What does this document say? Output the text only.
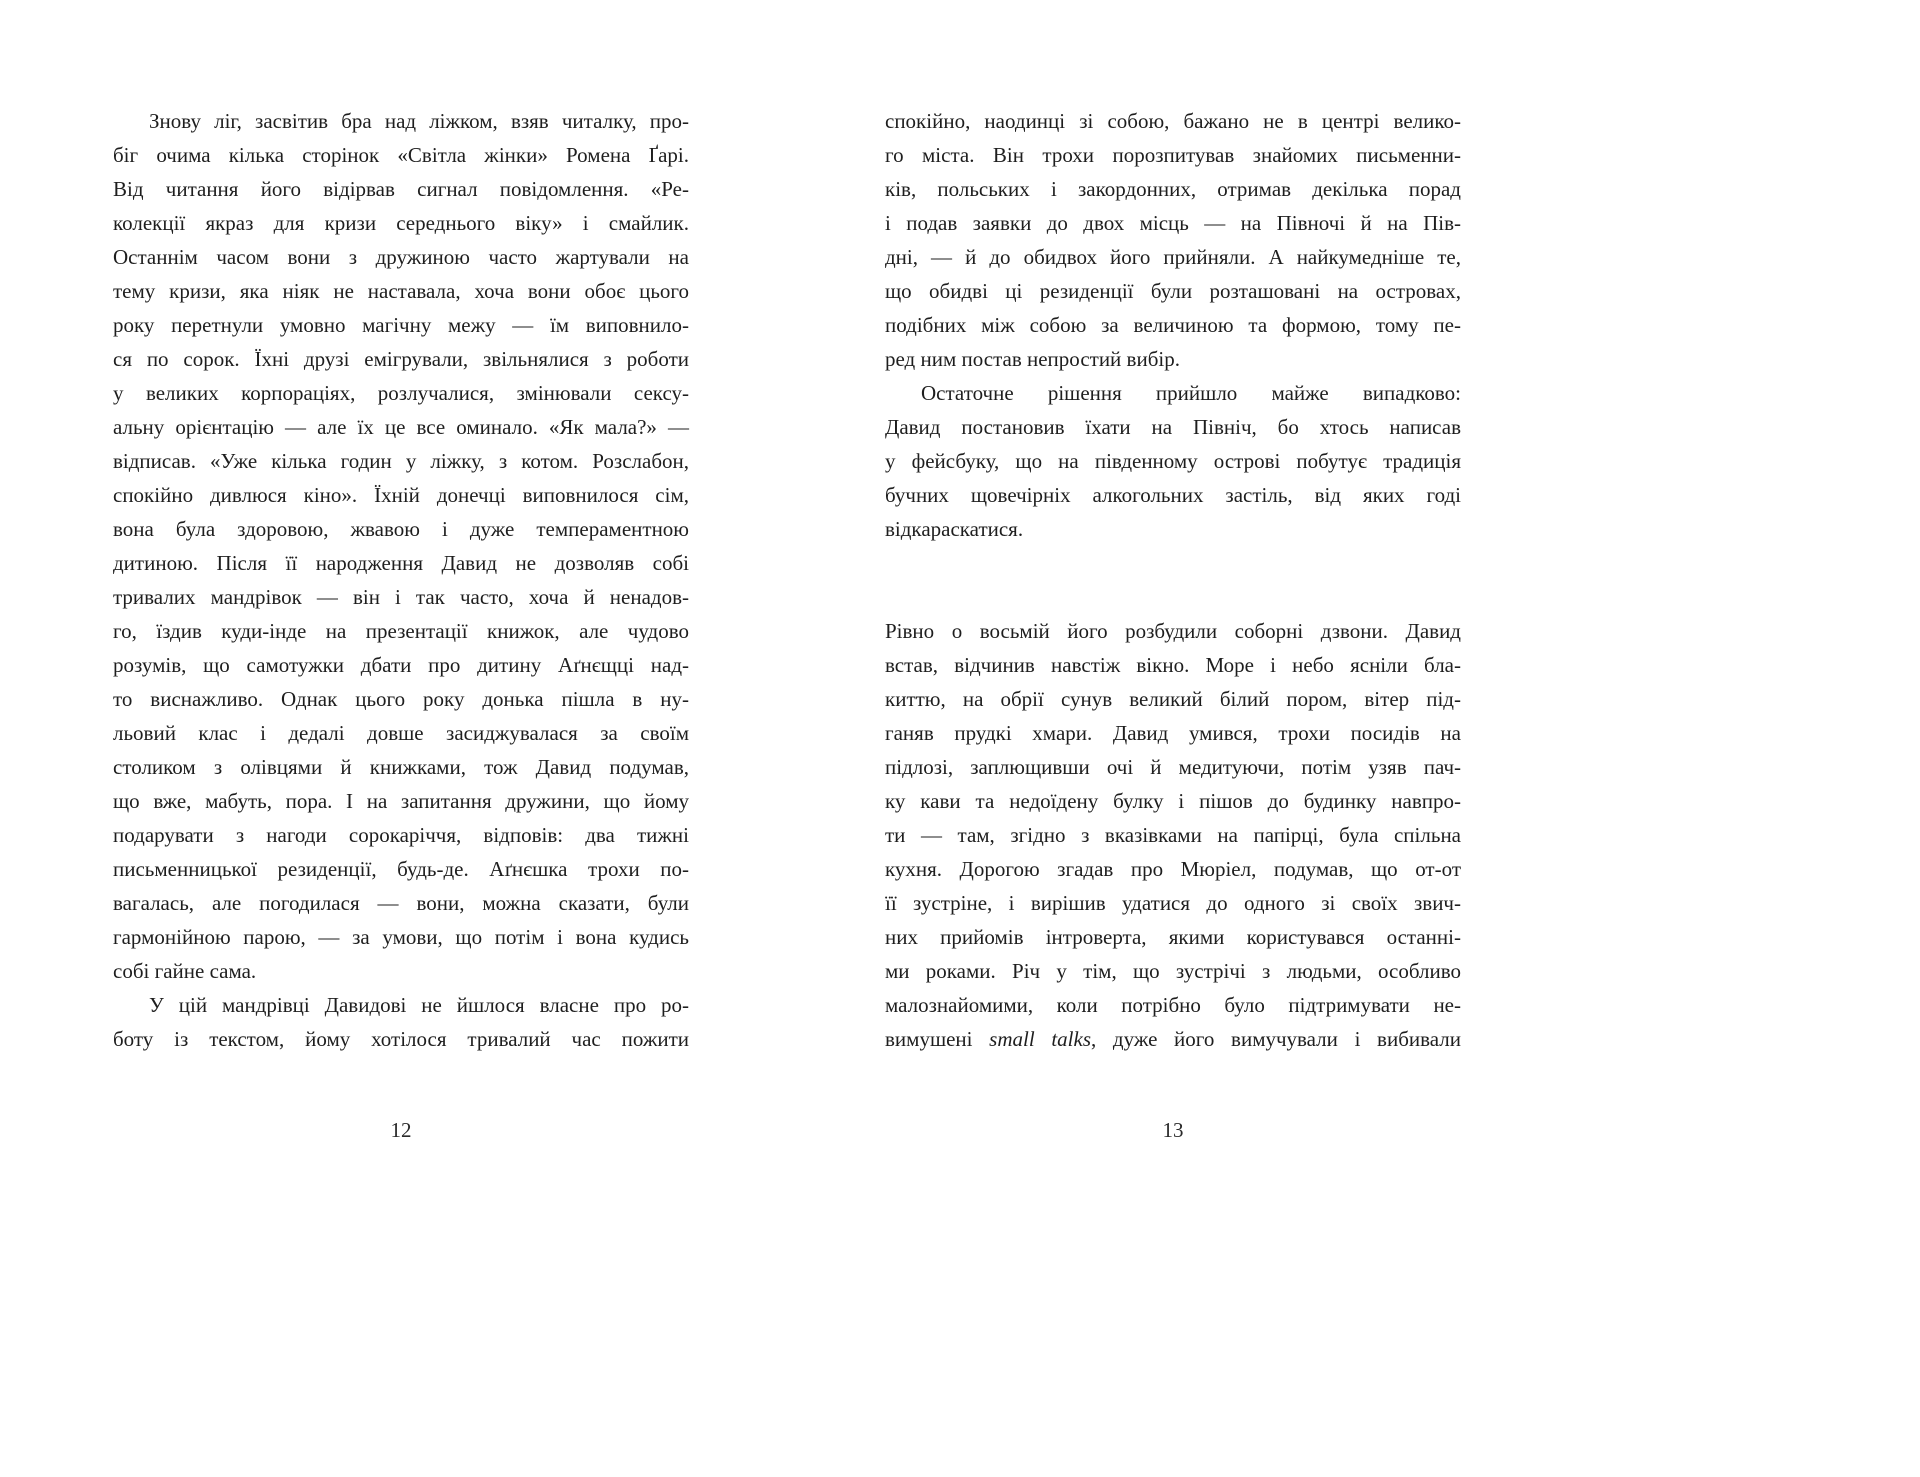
Знову ліг, засвітив бра над ліжком, взяв читалку, про-
біг очима кілька сторінок «Світла жінки» Ромена Ґарі.
Від читання його відірвав сигнал повідомлення. «Ре-
колекції якраз для кризи середнього віку» і смайлик.
Останнім часом вони з дружиною часто жартували на
тему кризи, яка ніяк не наставала, хоча вони обоє цього
року перетнули умовно магічну межу — їм виповнило-
ся по сорок. Їхні друзі емігрували, звільнялися з роботи
у великих корпораціях, розлучалися, змінювали сексу-
альну орієнтацію — але їх це все оминало. «Як мала?» —
відписав. «Уже кілька годин у ліжку, з котом. Розслабон,
спокійно дивлюся кіно». Їхній донечці виповнилося сім,
вона була здоровою, жвавою і дуже темпераментною
дитиною. Після її народження Давид не дозволяв собі
тривалих мандрівок — він і так часто, хоча й ненадов-
го, їздив куди-інде на презентації книжок, але чудово
розумів, що самотужки дбати про дитину Аґнєщці над-
то виснажливо. Однак цього року донька пішла в ну-
льовий клас і дедалі довше засиджувалася за своїм
столиком з олівцями й книжками, тож Давид подумав,
що вже, мабуть, пора. І на запитання дружини, що йому
подарувати з нагоди сорокаріччя, відповів: два тижні
письменницької резиденції, будь-де. Аґнєшка трохи по-
вагалась, але погодилася — вони, можна сказати, були
гармонійною парою, — за умови, що потім і вона кудись
собі гайне сама.
У цій мандрівці Давидові не йшлося власне про ро-
боту із текстом, йому хотілося тривалий час пожити
12
спокійно, наодинці зі собою, бажано не в центрі велико-
го міста. Він трохи порозпитував знайомих письменни-
ків, польських і закордонних, отримав декілька порад
і подав заявки до двох місць — на Півночі й на Пів-
дні, — й до обидвох його прийняли. А найкумедніше те,
що обидві ці резиденції були розташовані на островах,
подібних між собою за величиною та формою, тому пе-
ред ним постав непростий вибір.
Остаточне рішення прийшло майже випадково:
Давид постановив їхати на Північ, бо хтось написав
у фейсбуку, що на південному острові побутує традиція
бучних щовечірніх алкогольних застіль, від яких годі
відкараскатися.
Рівно о восьмій його розбудили соборні дзвони. Давид
встав, відчинив навстіж вікно. Море і небо ясніли бла-
киттю, на обрії сунув великий білий пором, вітер під-
ганяв прудкі хмари. Давид умився, трохи посидів на
підлозі, заплющивши очі й медитуючи, потім узяв пач-
ку кави та недоїдену булку і пішов до будинку навпро-
ти — там, згідно з вказівками на папірці, була спільна
кухня. Дорогою згадав про Мюріел, подумав, що от-от
її зустріне, і вирішив удатися до одного зі своїх звич-
них прийомів інтроверта, якими користувався останні-
ми роками. Річ у тім, що зустрічі з людьми, особливо
малознайомими, коли потрібно було підтримувати не-
вимушені small talks, дуже його вимучували і вибивали
13
